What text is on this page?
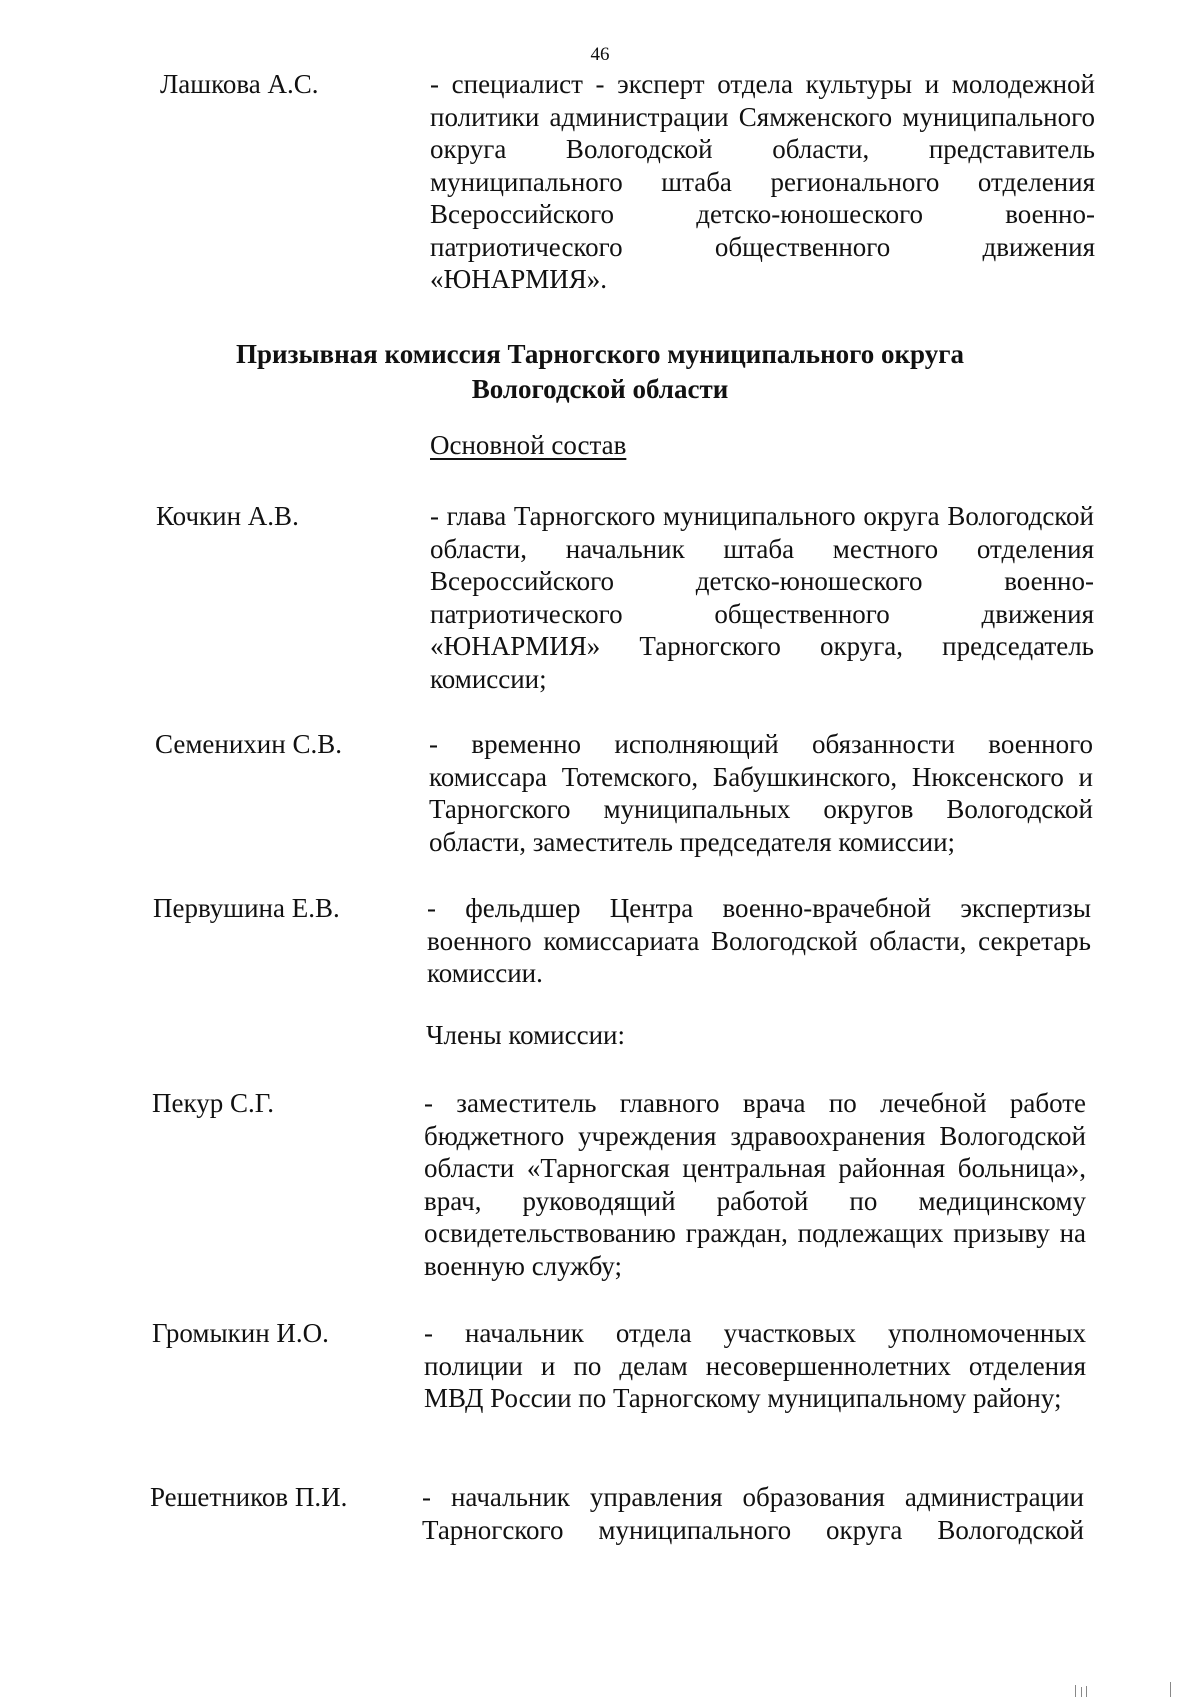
46
Лашкова А.С.	- специалист - эксперт отдела культуры и молодежной политики администрации Сямженского муниципального округа Вологодской области, представитель муниципального штаба регионального отделения Всероссийского детско-юношеского военно-патриотического общественного движения «ЮНАРМИЯ».
Призывная комиссия Тарногского муниципального округа
Вологодской области
Основной состав
Кочкин А.В.	- глава Тарногского муниципального округа Вологодской области, начальник штаба местного отделения Всероссийского детско-юношеского военно-патриотического общественного движения «ЮНАРМИЯ» Тарногского округа, председатель комиссии;
Семенихин С.В.	- временно исполняющий обязанности военного комиссара Тотемского, Бабушкинского, Нюксенского и Тарногского муниципальных округов Вологодской области, заместитель председателя комиссии;
Первушина Е.В.	- фельдшер Центра военно-врачебной экспертизы военного комиссариата Вологодской области, секретарь комиссии.
Члены комиссии:
Пекур С.Г.	- заместитель главного врача по лечебной работе бюджетного учреждения здравоохранения Вологодской области «Тарногская центральная районная больница», врач, руководящий работой по медицинскому освидетельствованию граждан, подлежащих призыву на военную службу;
Громыкин И.О.	- начальник отдела участковых уполномоченных полиции и по делам несовершеннолетних отделения МВД России по Тарногскому муниципальному району;
Решетников П.И.	- начальник управления образования администрации Тарногского муниципального округа Вологодской
